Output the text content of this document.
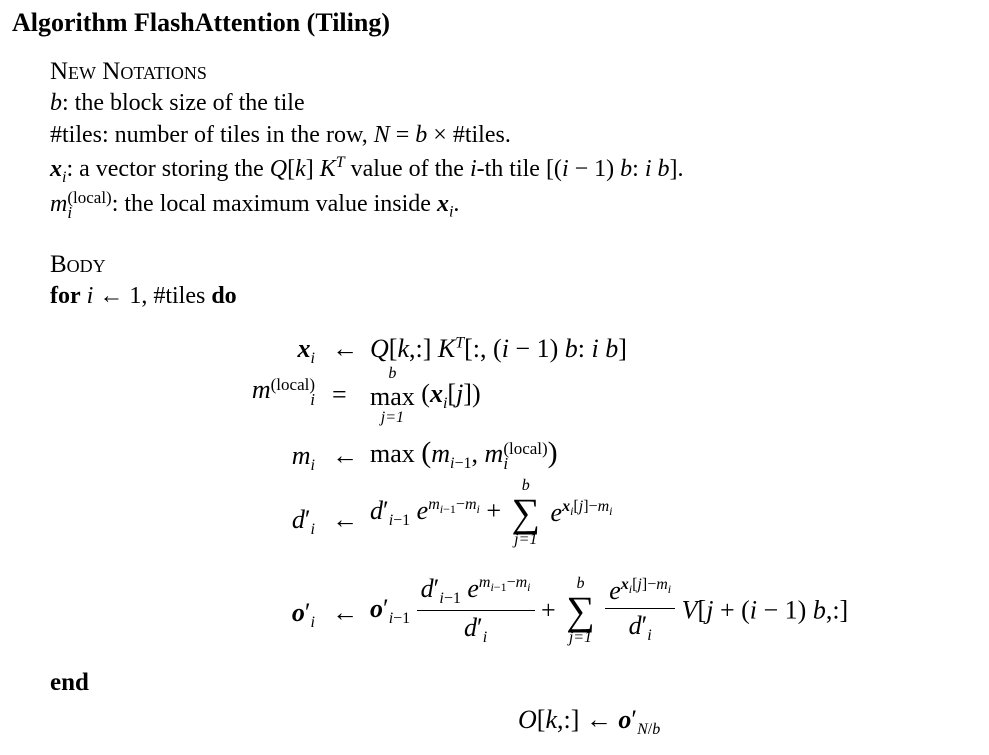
Algorithm FlashAttention (Tiling)
New Notations
b: the block size of the tile
#tiles: number of tiles in the row, N = b × #tiles.
$x_i$: a vector storing the Q[k] $K^T$ value of the i-th tile [(i − 1) b: i b].
m (local)
i	: the local maximum value inside $x_i$.
Body
for i ← 1, #tiles do
$x_i$ ← Q[k,:] $K^T$[:, (i − 1) b: i b]
m (local)
i =
b
max
j=1
$(x_i[j])$
$m_i$ ← $\max (m_{i-1}$, m (local)
i	)
$d'_i$ ← $d'_{i-1}$ $e^{m_{i-1}-m_i}$ +
b
∑
j=1
$e^{x_i[j]-m_i}$
$o'_i$ ← $o'_{i-1} \frac{d'_{i-1} e^{m_{i-1}-m_i}}{d'_i}$ +
b
∑
j=1
$\frac{e^{x_i[j]-m_i}}{d'_i} V[j + (i - 1)$ b,:]
end
O[k,:] ← $o'_{N/b}$
